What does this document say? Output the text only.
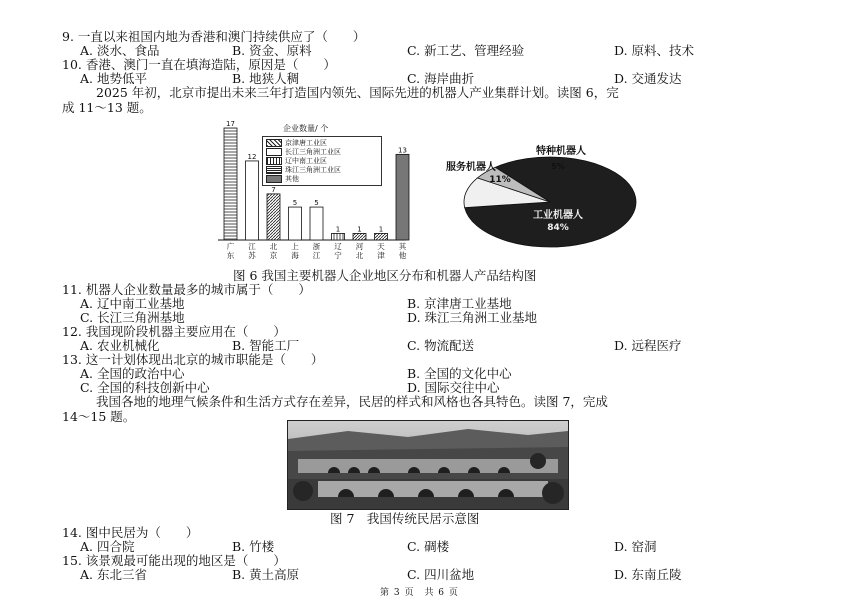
9. 一直以来祖国内地为香港和澳门持续供应了（　　）
A. 淡水、食品	B. 资金、原料	C. 新工艺、管理经验	D. 原料、技术
10. 香港、澳门一直在填海造陆，原因是（　　）
A. 地势低平	B. 地狭人稠	C. 海岸曲折	D. 交通发达
2025 年初，北京市提出未来三年打造国内领先、国际先进的机器人产业集群计划。读图 6，完
成 11～13 题。
17
广
东
12
江
苏
7
北
京
5
上
海
5
浙
江
1
辽
宁
1
河
北
1
天
津
13
其
他
企业数量/ 个
京津唐工业区
长江三角洲工业区
辽中南工业区
珠江三角洲工业区
其他
工业机器人
84%
服务机器人
11%
特种机器人
5%
图 6 我国主要机器人企业地区分布和机器人产品结构图
11. 机器人企业数量最多的城市属于（　　）
A. 辽中南工业基地	B. 京津唐工业基地
C. 长江三角洲基地	D. 珠江三角洲工业基地
12. 我国现阶段机器主要应用在（　　）
A. 农业机械化	B. 智能工厂	C. 物流配送	D. 远程医疗
13. 这一计划体现出北京的城市职能是（　　）
A. 全国的政治中心	B. 全国的文化中心
C. 全国的科技创新中心	D. 国际交往中心
我国各地的地理气候条件和生活方式存在差异，民居的样式和风格也各具特色。读图 7，完成
14～15 题。
图 7　我国传统民居示意图
14. 图中民居为（　　）
A. 四合院	B. 竹楼	C. 碉楼	D. 窑洞
15. 该景观最可能出现的地区是（　　）
A. 东北三省	B. 黄土高原	C. 四川盆地	D. 东南丘陵
第 3 页　共 6 页
